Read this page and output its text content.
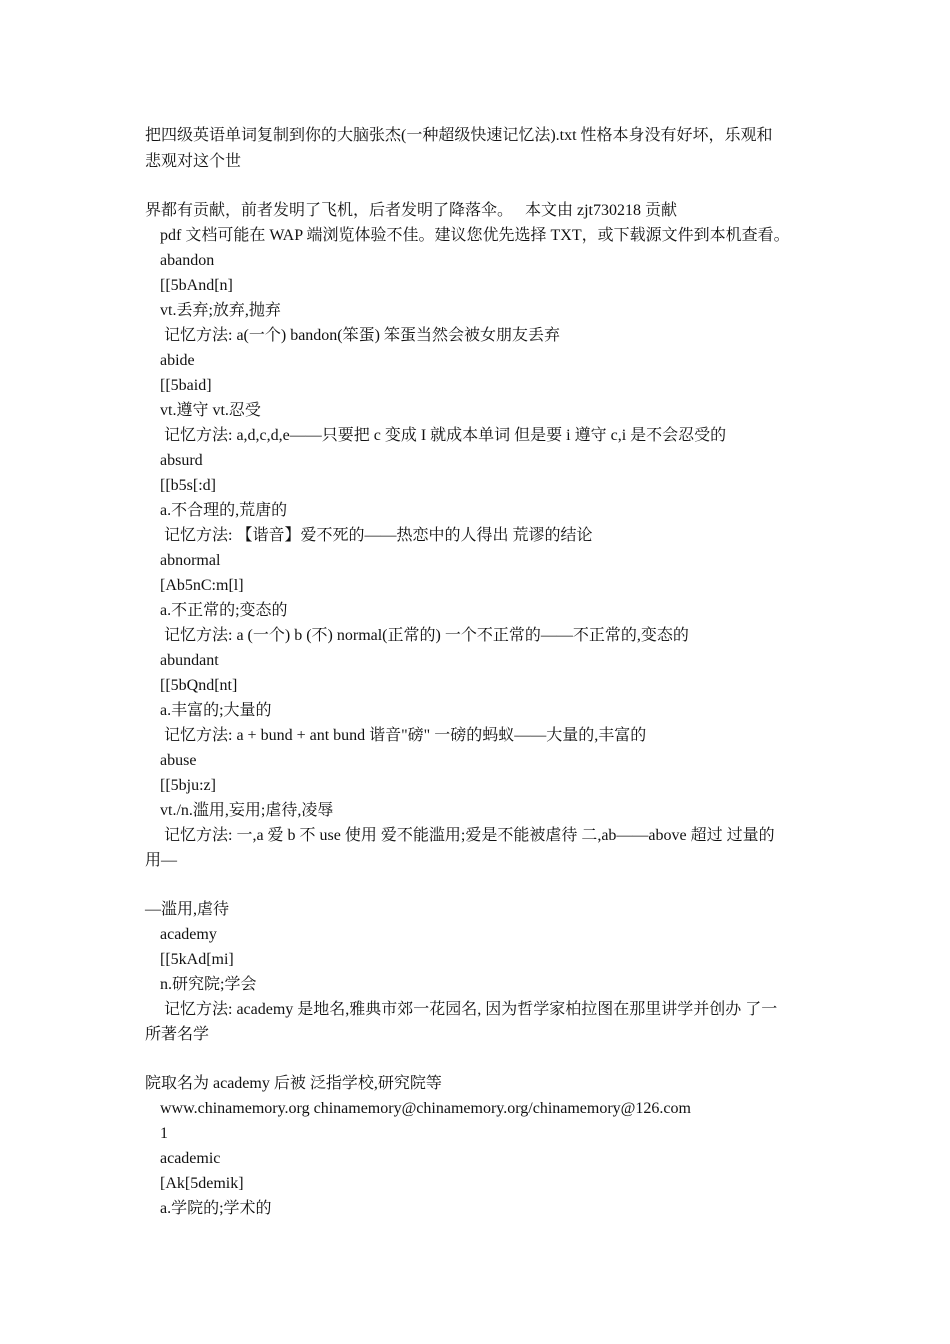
把四级英语单词复制到你的大脑张杰(一种超级快速记忆法).txt 性格本身没有好坏，乐观和
悲观对这个世
界都有贡献，前者发明了飞机，后者发明了降落伞。   本文由 zjt730218 贡献
pdf 文档可能在 WAP 端浏览体验不佳。建议您优先选择 TXT，或下载源文件到本机查看。
abandon
[[5bAnd[n]
vt.丢弃;放弃,抛弃
记忆方法: a(一个) bandon(笨蛋) 笨蛋当然会被女朋友丢弃
abide
[[5baid]
vt.遵守 vt.忍受
记忆方法: a,d,c,d,e——只要把 c 变成 I 就成本单词 但是要 i 遵守 c,i 是不会忍受的
absurd
[[b5s[:d]
a.不合理的,荒唐的
记忆方法: 【谐音】爱不死的——热恋中的人得出 荒谬的结论
abnormal
[Ab5nC:m[l]
a.不正常的;变态的
记忆方法: a (一个) b (不) normal(正常的) 一个不正常的——不正常的,变态的
abundant
[[5bQnd[nt]
a.丰富的;大量的
记忆方法: a + bund + ant bund 谐音"磅" 一磅的蚂蚁——大量的,丰富的
abuse
[[5bju:z]
vt./n.滥用,妄用;虐待,凌辱
记忆方法: 一,a 爱 b 不 use 使用 爱不能滥用;爱是不能被虐待 二,ab——above 超过 过量的
用—
—滥用,虐待
academy
[[5kAd[mi]
n.研究院;学会
记忆方法: academy 是地名,雅典市郊一花园名, 因为哲学家柏拉图在那里讲学并创办 了一
所著名学
院取名为 academy 后被 泛指学校,研究院等
www.chinamemory.org chinamemory@chinamemory.org/chinamemory@126.com
1
academic
[Ak[5demik]
a.学院的;学术的
